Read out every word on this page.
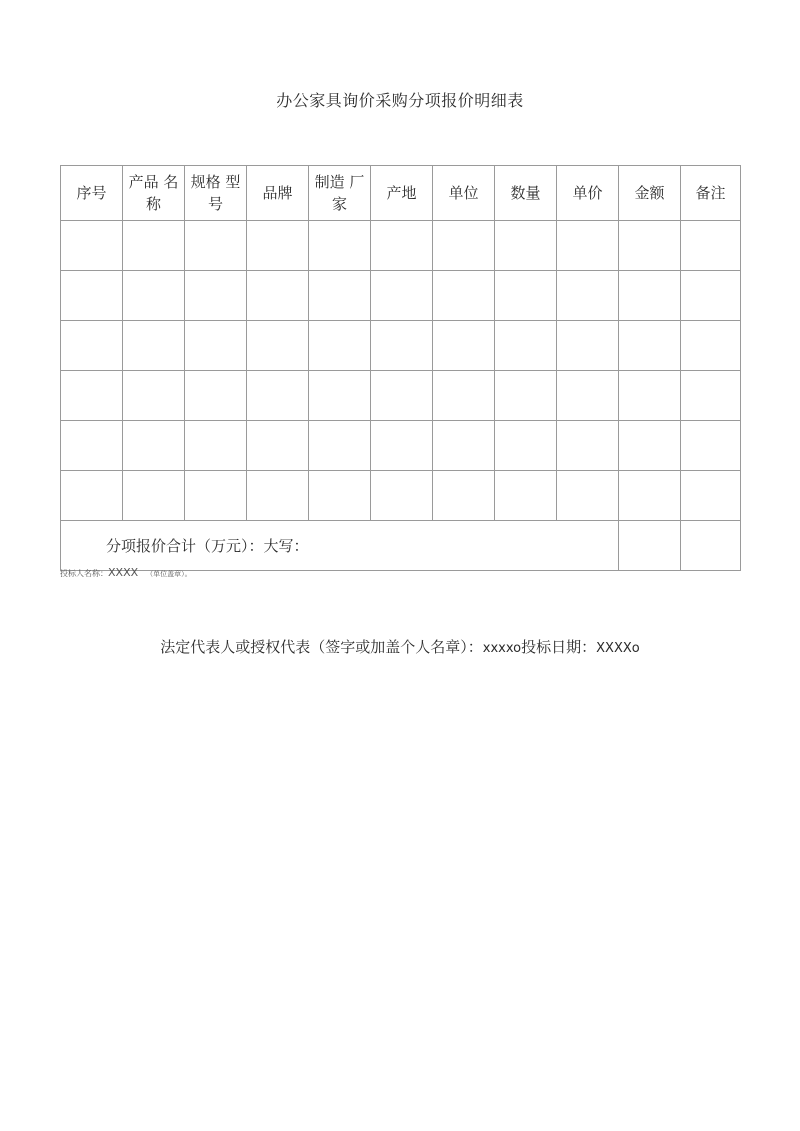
办公家具询价采购分项报价明细表
序号	产品 名称	规格 型号	品牌	制造 厂家	产地	单位	数量	单价	金额	备注

分项报价合计（万元）：大写：										

投标人名称：XXXX （单位盖章）。
法定代表人或授权代表（签字或加盖个人名章）：xxxxo投标日期：XXXXo
